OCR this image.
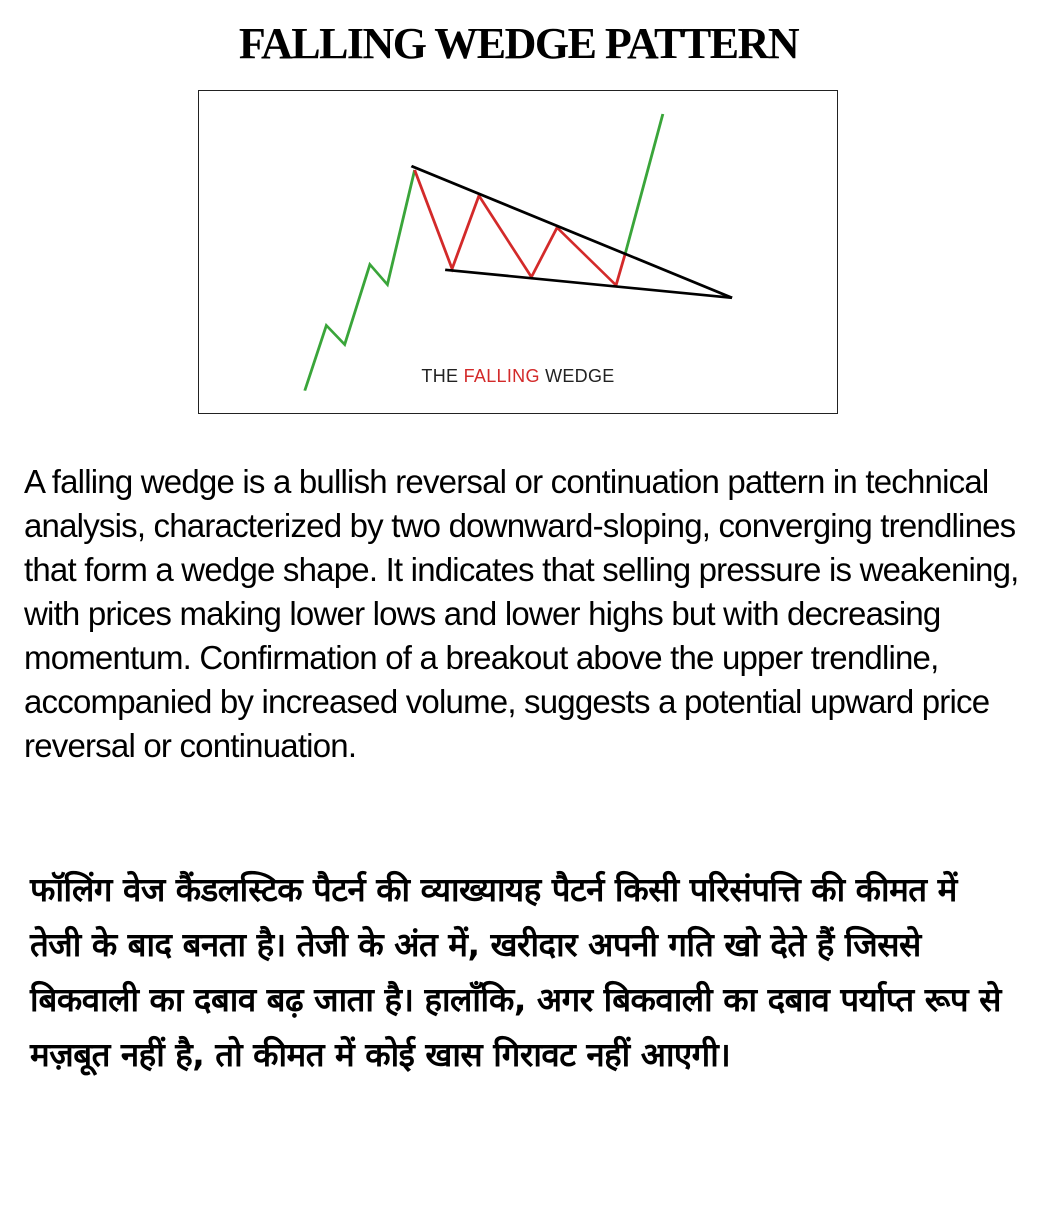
FALLING WEDGE PATTERN
THE FALLING WEDGE
A falling wedge is a bullish reversal or continuation pattern in technical analysis, characterized by two downward-sloping, converging trendlines that form a wedge shape. It indicates that selling pressure is weakening, with prices making lower lows and lower highs but with decreasing momentum. Confirmation of a breakout above the upper trendline, accompanied by increased volume, suggests a potential upward price reversal or continuation.
फॉलिंग वेज कैंडलस्टिक पैटर्न की व्याख्यायह पैटर्न किसी परिसंपत्ति की कीमत में तेजी के बाद बनता है। तेजी के अंत में, खरीदार अपनी गति खो देते हैं जिससे बिकवाली का दबाव बढ़ जाता है। हालाँकि, अगर बिकवाली का दबाव पर्याप्त रूप से मज़बूत नहीं है, तो कीमत में कोई खास गिरावट नहीं आएगी।
